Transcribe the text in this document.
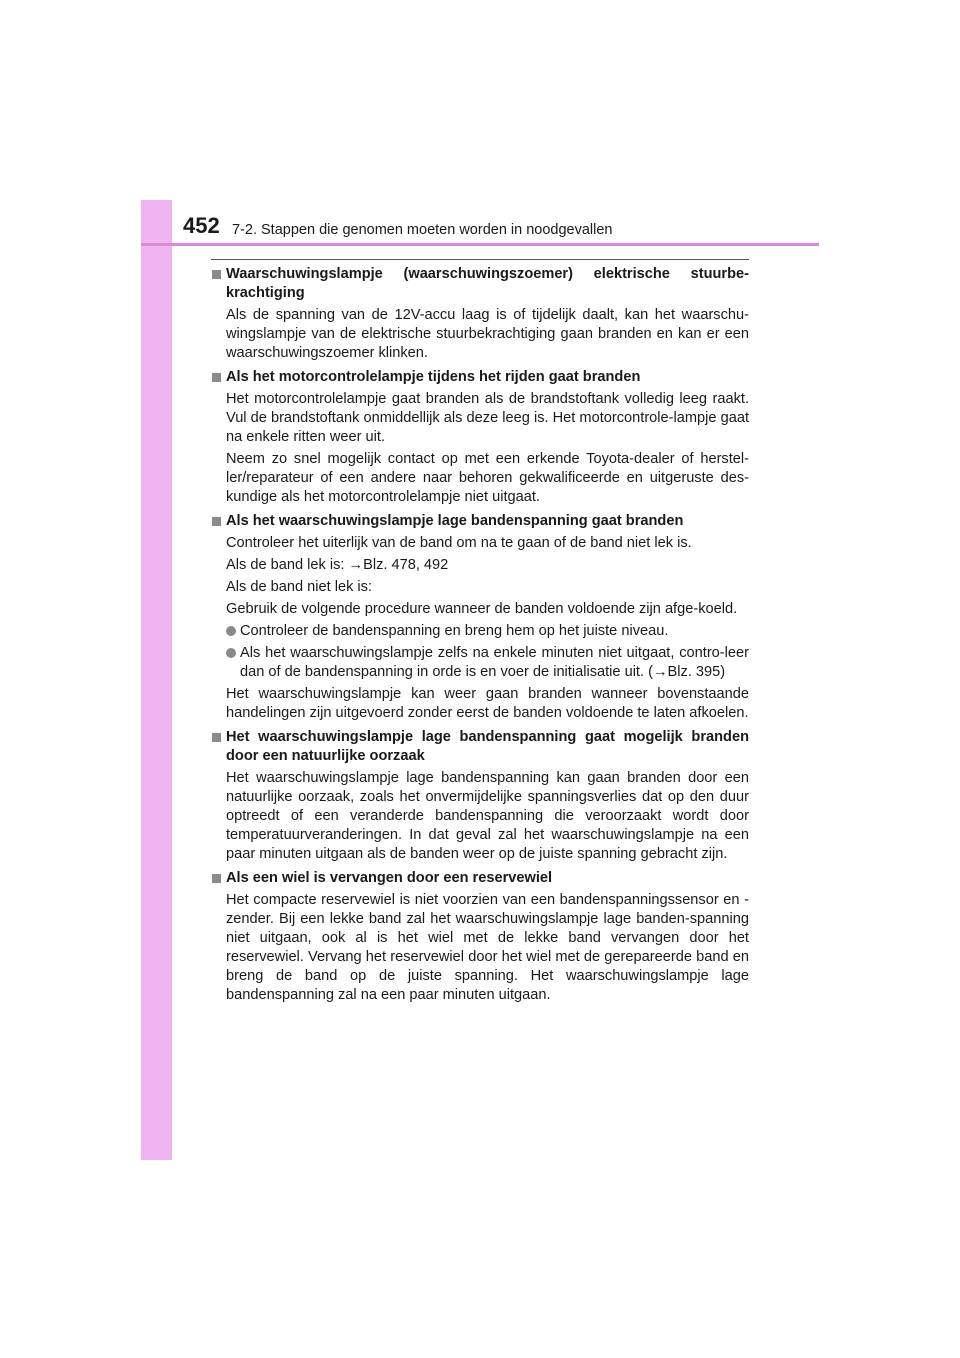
452 7-2. Stappen die genomen moeten worden in noodgevallen
Waarschuwingslampje (waarschuwingszoemer) elektrische stuurbe-krachtiging
Als de spanning van de 12V-accu laag is of tijdelijk daalt, kan het waarschu-wingslampje van de elektrische stuurbekrachtiging gaan branden en kan er een waarschuwingszoemer klinken.
Als het motorcontrolelampje tijdens het rijden gaat branden
Het motorcontrolelampje gaat branden als de brandstoftank volledig leeg raakt. Vul de brandstoftank onmiddellijk als deze leeg is. Het motorcontrole-lampje gaat na enkele ritten weer uit.
Neem zo snel mogelijk contact op met een erkende Toyota-dealer of herstel-ler/reparateur of een andere naar behoren gekwalificeerde en uitgeruste des-kundige als het motorcontrolelampje niet uitgaat.
Als het waarschuwingslampje lage bandenspanning gaat branden
Controleer het uiterlijk van de band om na te gaan of de band niet lek is.
Als de band lek is: →Blz. 478, 492
Als de band niet lek is:
Gebruik de volgende procedure wanneer de banden voldoende zijn afge-koeld.
Controleer de bandenspanning en breng hem op het juiste niveau.
Als het waarschuwingslampje zelfs na enkele minuten niet uitgaat, contro-leer dan of de bandenspanning in orde is en voer de initialisatie uit. (→Blz. 395)
Het waarschuwingslampje kan weer gaan branden wanneer bovenstaande handelingen zijn uitgevoerd zonder eerst de banden voldoende te laten afkoelen.
Het waarschuwingslampje lage bandenspanning gaat mogelijk branden door een natuurlijke oorzaak
Het waarschuwingslampje lage bandenspanning kan gaan branden door een natuurlijke oorzaak, zoals het onvermijdelijke spanningsverlies dat op den duur optreedt of een veranderde bandenspanning die veroorzaakt wordt door temperatuurveranderingen. In dat geval zal het waarschuwingslampje na een paar minuten uitgaan als de banden weer op de juiste spanning gebracht zijn.
Als een wiel is vervangen door een reservewiel
Het compacte reservewiel is niet voorzien van een bandenspanningssensor en -zender. Bij een lekke band zal het waarschuwingslampje lage banden-spanning niet uitgaan, ook al is het wiel met de lekke band vervangen door het reservewiel. Vervang het reservewiel door het wiel met de gerepareerde band en breng de band op de juiste spanning. Het waarschuwingslampje lage bandenspanning zal na een paar minuten uitgaan.
